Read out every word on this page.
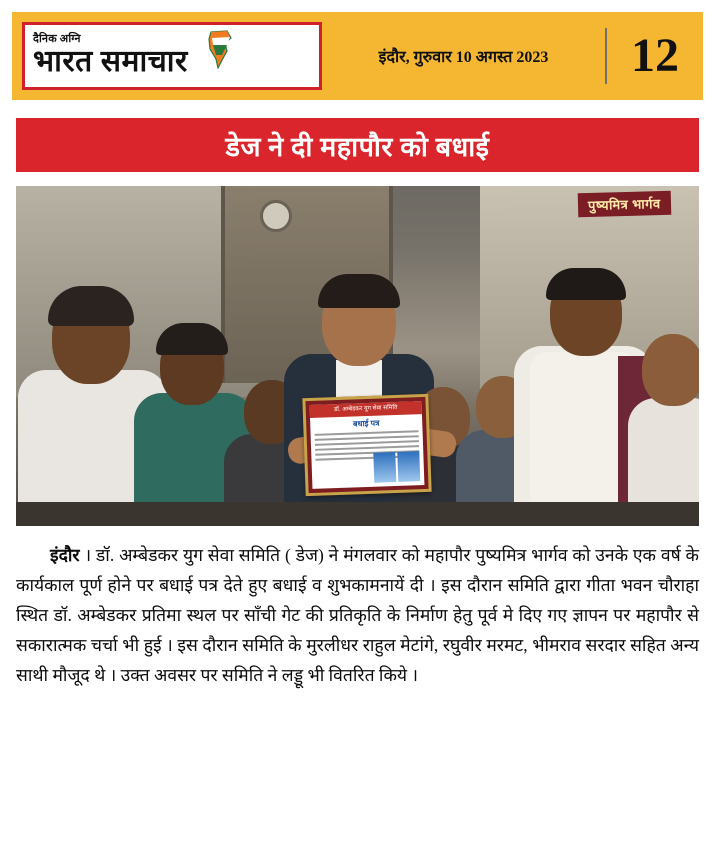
दैनिक अग्नि
भारत समाचार	इंदौर, गुरुवार 10 अगस्त 2023	12
डेज ने दी महापौर को बधाई
पुष्यमित्र भार्गव
डॉ. अम्बेडकर युग सेवा समिति
बधाई पत्र
इंदौर । डॉ. अम्बेडकर युग सेवा समिति ( डेज) ने मंगलवार को महापौर पुष्यमित्र भार्गव को उनके एक वर्ष के कार्यकाल पूर्ण होने पर बधाई पत्र देते हुए बधाई व शुभकामनायें दी । इस दौरान समिति द्वारा गीता भवन चौराहा स्थित डॉ. अम्बेडकर प्रतिमा स्थल पर साँची गेट की प्रतिकृति के निर्माण हेतु पूर्व मे दिए गए ज्ञापन पर महापौर से सकारात्मक चर्चा भी हुई । इस दौरान समिति के मुरलीधर राहुल मेटांगे, रघुवीर मरमट, भीमराव सरदार सहित अन्य साथी मौजूद थे । उक्त अवसर पर समिति ने लड्डू भी वितरित किये ।
